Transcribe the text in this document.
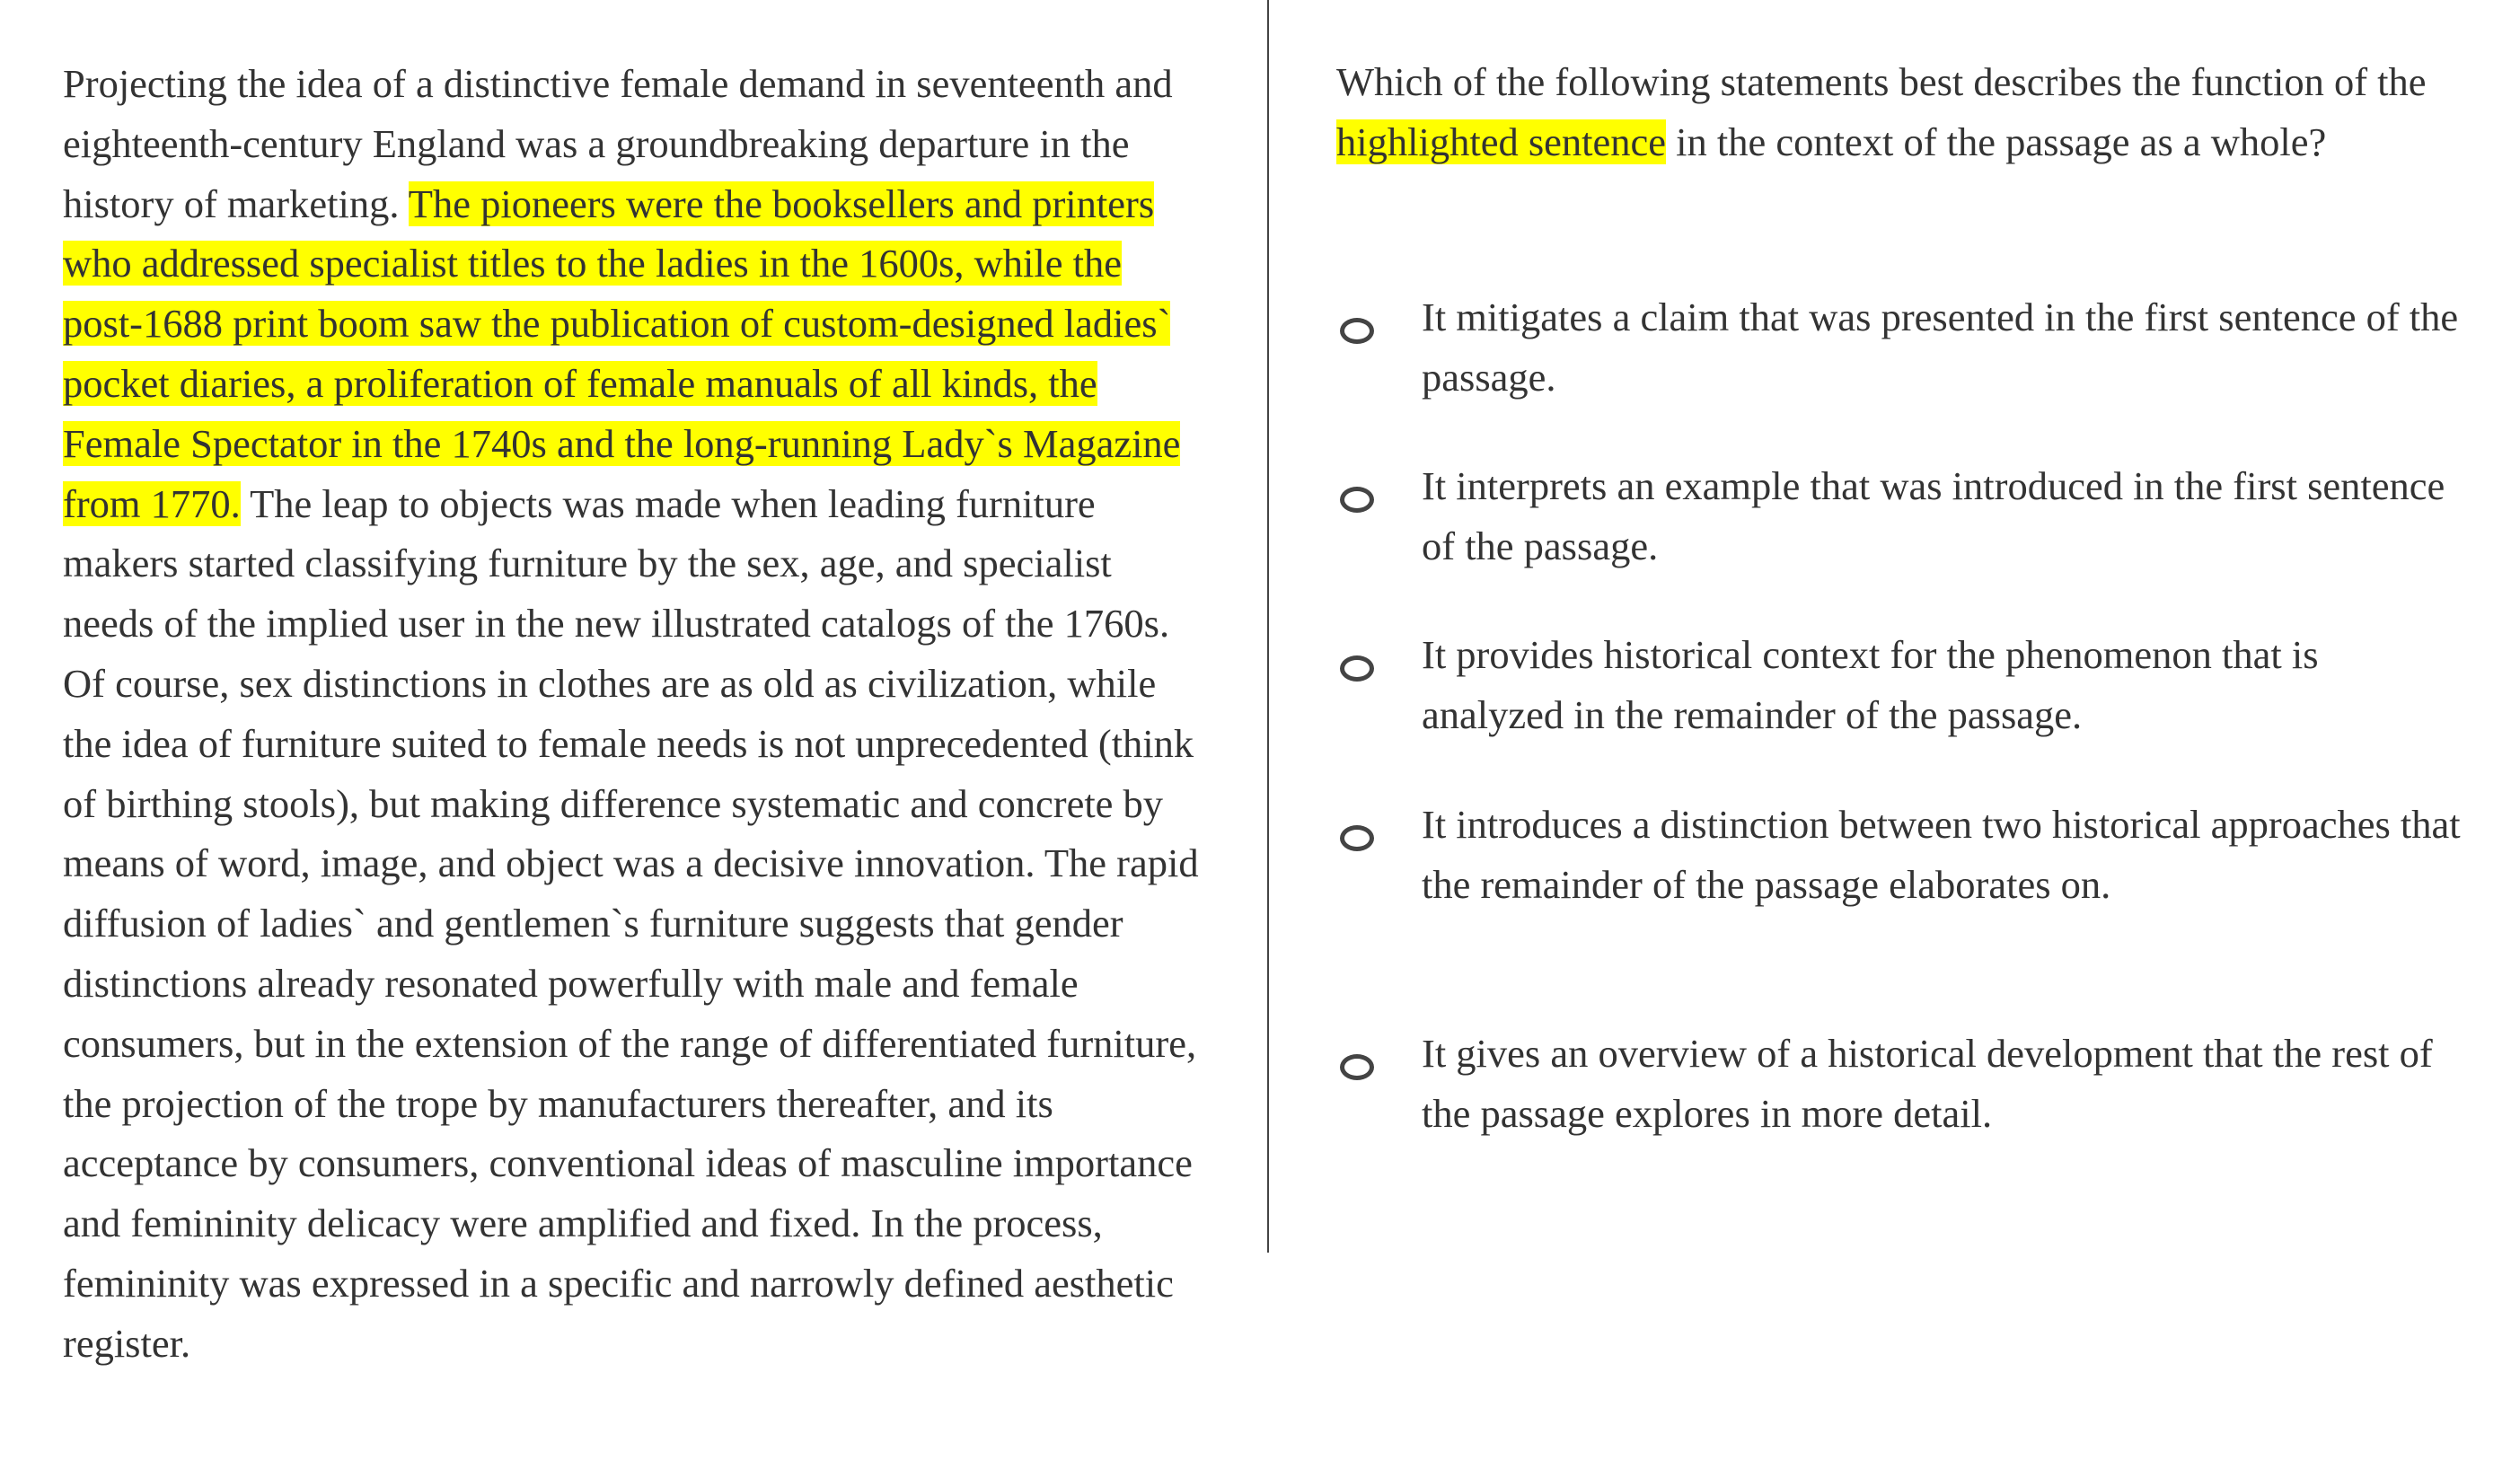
Projecting the idea of a distinctive female demand in seventeenth and eighteenth-century England was a groundbreaking departure in the history of marketing. The pioneers were the booksellers and printers who addressed specialist titles to the ladies in the 1600s, while the post-1688 print boom saw the publication of custom-designed ladies` pocket diaries, a proliferation of female manuals of all kinds, the Female Spectator in the 1740s and the long-running Lady`s Magazine from 1770. The leap to objects was made when leading furniture makers started classifying furniture by the sex, age, and specialist needs of the implied user in the new illustrated catalogs of the 1760s. Of course, sex distinctions in clothes are as old as civilization, while the idea of furniture suited to female needs is not unprecedented (think of birthing stools), but making difference systematic and concrete by means of word, image, and object was a decisive innovation. The rapid diffusion of ladies` and gentlemen`s furniture suggests that gender distinctions already resonated powerfully with male and female consumers, but in the extension of the range of differentiated furniture, the projection of the trope by manufacturers thereafter, and its acceptance by consumers, conventional ideas of masculine importance and femininity delicacy were amplified and fixed. In the process, femininity was expressed in a specific and narrowly defined aesthetic register.

Which of the following statements best describes the function of the highlighted sentence in the context of the passage as a whole?

It mitigates a claim that was presented in the first sentence of the passage.
It interprets an example that was introduced in the first sentence of the passage.
It provides historical context for the phenomenon that is analyzed in the remainder of the passage.
It introduces a distinction between two historical approaches that the remainder of the passage elaborates on.
It gives an overview of a historical development that the rest of the passage explores in more detail.
